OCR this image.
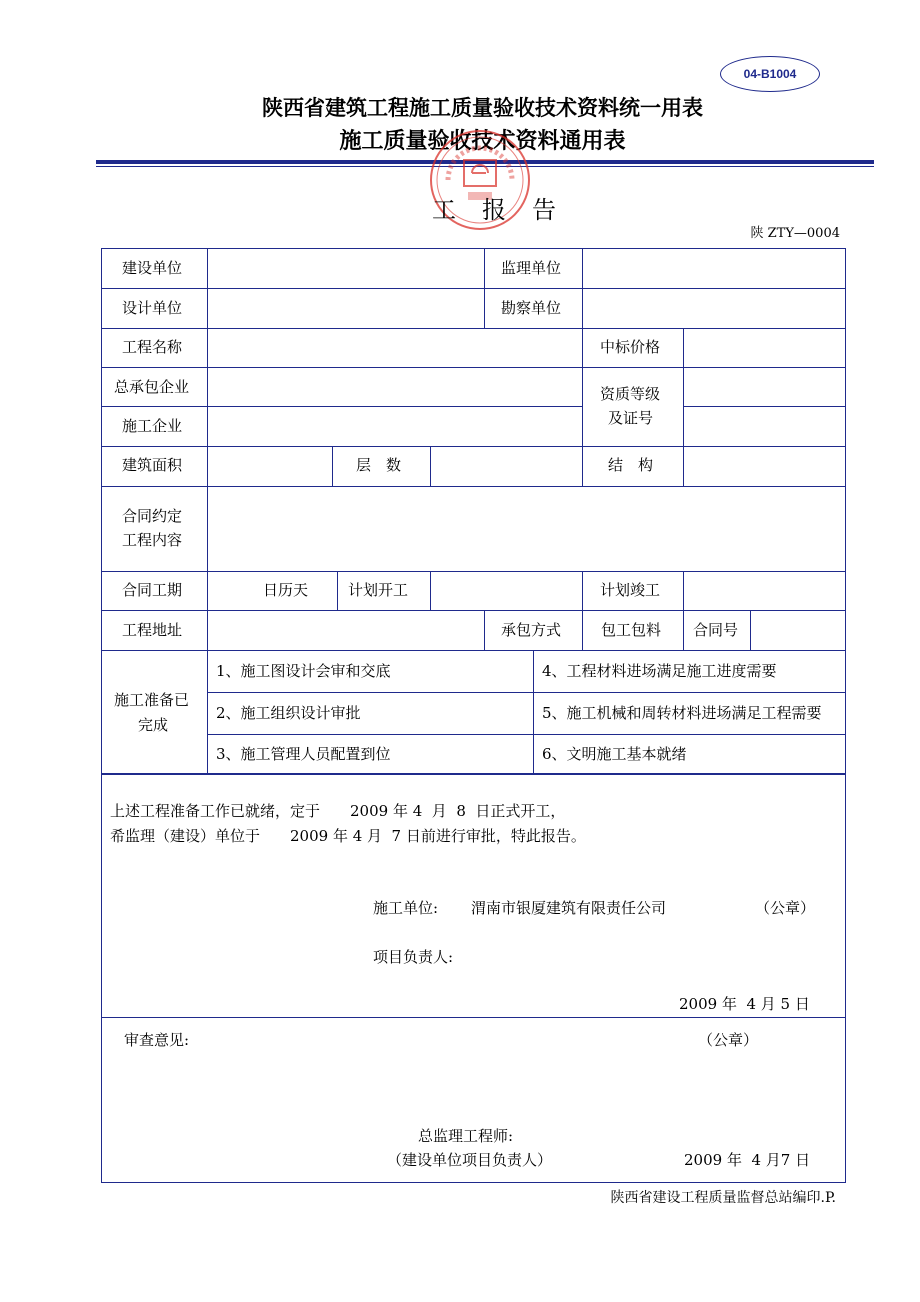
04-B1004
陕西省建筑工程施工质量验收技术资料统一用表
施工质量验收技术资料通用表
工 报 告
陕 ZTY—0004
建设单位	监理单位
设计单位	勘察单位
工程名称	中标价格
总承包企业	资质等级
及证号
施工企业
建筑面积	层　数	结　构
合同约定
工程内容
合同工期	日历天	计划开工	计划竣工
工程地址	承包方式	包工包料 合同号
施工准备已
完成
1、施工图设计会审和交底	4、工程材料进场满足施工进度需要
2、施工组织设计审批	5、施工机械和周转材料进场满足工程需要
3、施工管理人员配置到位	6、文明施工基本就绪
上述工程准备工作已就绪，定于　　2009 年 4  月  8  日正式开工，
希监理（建设）单位于　　2009 年 4 月  7 日前进行审批，特此报告。
施工单位: 渭南市银厦建筑有限责任公司	（公章）
项目负责人:
2009 年  4 月 5 日
审查意见:	（公章）
总监理工程师:
（建设单位项目负责人）	2009 年  4 月7 日
陕西省建设工程质量监督总站编印.P.
